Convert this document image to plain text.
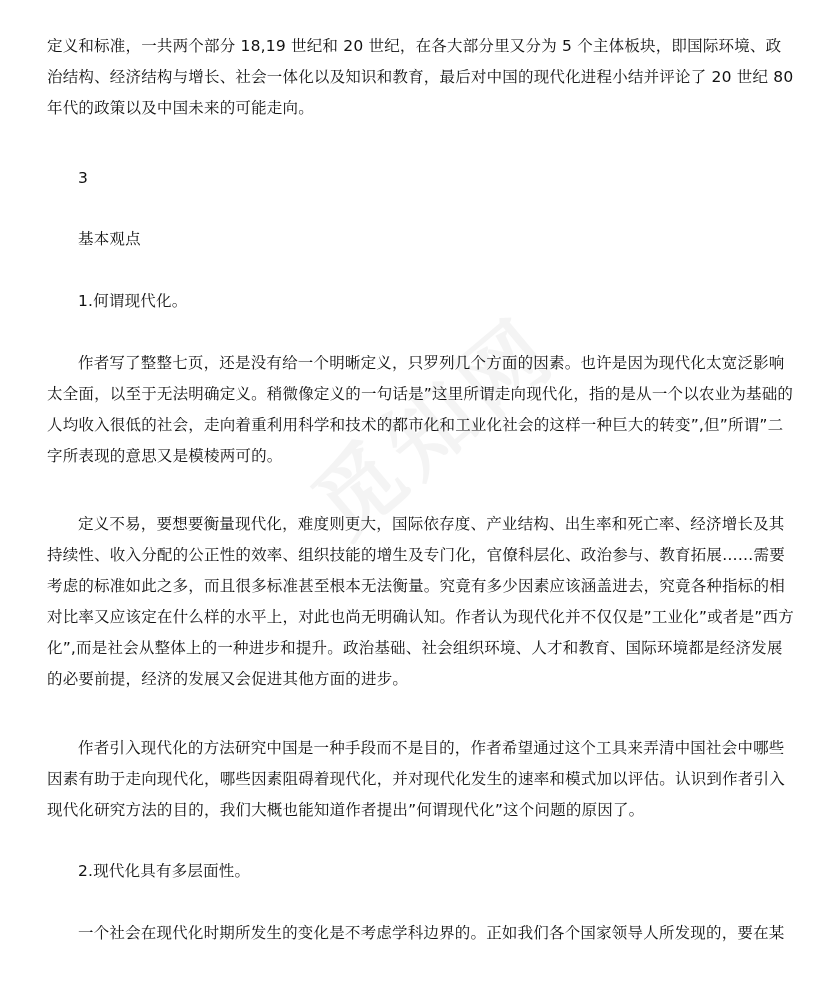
定义和标准，一共两个部分 18,19 世纪和 20 世纪，在各大部分里又分为 5 个主体板块，即国际环境、政治结构、经济结构与增长、社会一体化以及知识和教育，最后对中国的现代化进程小结并评论了 20 世纪 80 年代的政策以及中国未来的可能走向。

3

基本观点

1.何谓现代化。

作者写了整整七页，还是没有给一个明晰定义，只罗列几个方面的因素。也许是因为现代化太宽泛影响太全面，以至于无法明确定义。稍微像定义的一句话是”这里所谓走向现代化，指的是从一个以农业为基础的人均收入很低的社会，走向着重利用科学和技术的都市化和工业化社会的这样一种巨大的转变”,但”所谓”二字所表现的意思又是模棱两可的。

定义不易，要想要衡量现代化，难度则更大，国际依存度、产业结构、出生率和死亡率、经济增长及其持续性、收入分配的公正性的效率、组织技能的增生及专门化，官僚科层化、政治参与、教育拓展……需要考虑的标准如此之多，而且很多标准甚至根本无法衡量。究竟有多少因素应该涵盖进去，究竟各种指标的相对比率又应该定在什么样的水平上，对此也尚无明确认知。作者认为现代化并不仅仅是”工业化”或者是”西方化”,而是社会从整体上的一种进步和提升。政治基础、社会组织环境、人才和教育、国际环境都是经济发展的必要前提，经济的发展又会促进其他方面的进步。

作者引入现代化的方法研究中国是一种手段而不是目的，作者希望通过这个工具来弄清中国社会中哪些因素有助于走向现代化，哪些因素阻碍着现代化，并对现代化发生的速率和模式加以评估。认识到作者引入现代化研究方法的目的，我们大概也能知道作者提出”何谓现代化”这个问题的原因了。

2.现代化具有多层面性。

一个社会在现代化时期所发生的变化是不考虑学科边界的。正如我们各个国家领导人所发现的，要在某
